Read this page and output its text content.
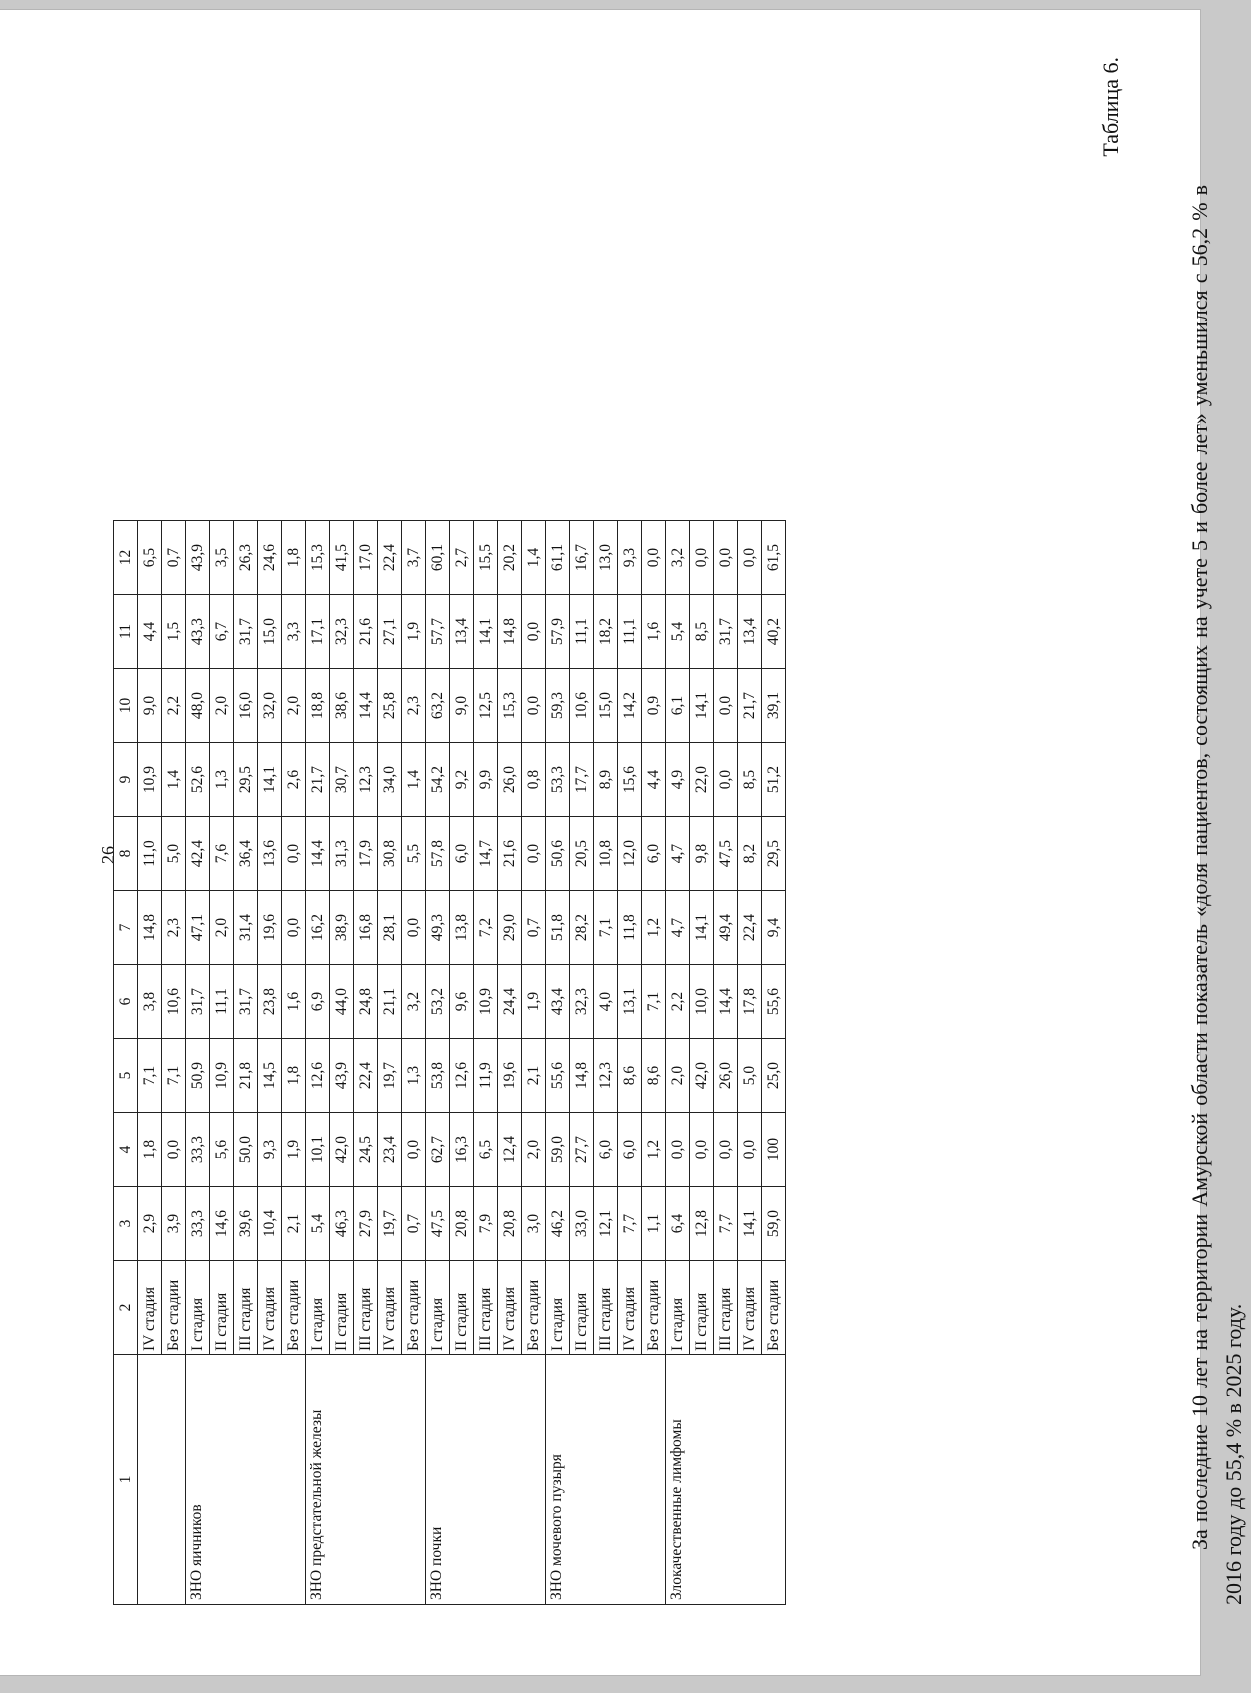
26
1	2	3	4	5	6	7	8	9	10	11	12
	IV стадия	2,9	1,8	7,1	3,8	14,8	11,0	10,9	9,0	4,4	6,5
	Без стадии	3,9	0,0	7,1	10,6	2,3	5,0	1,4	2,2	1,5	0,7
ЗНО яичников	I стадия	33,3	33,3	50,9	31,7	47,1	42,4	52,6	48,0	43,3	43,9
	II стадия	14,6	5,6	10,9	11,1	2,0	7,6	1,3	2,0	6,7	3,5
	III стадия	39,6	50,0	21,8	31,7	31,4	36,4	29,5	16,0	31,7	26,3
	IV стадия	10,4	9,3	14,5	23,8	19,6	13,6	14,1	32,0	15,0	24,6
	Без стадии	2,1	1,9	1,8	1,6	0,0	0,0	2,6	2,0	3,3	1,8
ЗНО предстательной железы	I стадия	5,4	10,1	12,6	6,9	16,2	14,4	21,7	18,8	17,1	15,3
	II стадия	46,3	42,0	43,9	44,0	38,9	31,3	30,7	38,6	32,3	41,5
	III стадия	27,9	24,5	22,4	24,8	16,8	17,9	12,3	14,4	21,6	17,0
	IV стадия	19,7	23,4	19,7	21,1	28,1	30,8	34,0	25,8	27,1	22,4
	Без стадии	0,7	0,0	1,3	3,2	0,0	5,5	1,4	2,3	1,9	3,7
ЗНО почки	I стадия	47,5	62,7	53,8	53,2	49,3	57,8	54,2	63,2	57,7	60,1
	II стадия	20,8	16,3	12,6	9,6	13,8	6,0	9,2	9,0	13,4	2,7
	III стадия	7,9	6,5	11,9	10,9	7,2	14,7	9,9	12,5	14,1	15,5
	IV стадия	20,8	12,4	19,6	24,4	29,0	21,6	26,0	15,3	14,8	20,2
	Без стадии	3,0	2,0	2,1	1,9	0,7	0,0	0,8	0,0	0,0	1,4
ЗНО мочевого пузыря	I стадия	46,2	59,0	55,6	43,4	51,8	50,6	53,3	59,3	57,9	61,1
	II стадия	33,0	27,7	14,8	32,3	28,2	20,5	17,7	10,6	11,1	16,7
	III стадия	12,1	6,0	12,3	4,0	7,1	10,8	8,9	15,0	18,2	13,0
	IV стадия	7,7	6,0	8,6	13,1	11,8	12,0	15,6	14,2	11,1	9,3
	Без стадии	1,1	1,2	8,6	7,1	1,2	6,0	4,4	0,9	1,6	0,0
Злокачественные лимфомы	I стадия	6,4	0,0	2,0	2,2	4,7	4,7	4,9	6,1	5,4	3,2
	II стадия	12,8	0,0	42,0	10,0	14,1	9,8	22,0	14,1	8,5	0,0
	III стадия	7,7	0,0	26,0	14,4	49,4	47,5	0,0	0,0	31,7	0,0
	IV стадия	14,1	0,0	5,0	17,8	22,4	8,2	8,5	21,7	13,4	0,0
	Без стадии	59,0	100	25,0	55,6	9,4	29,5	51,2	39,1	40,2	61,5
Таблица 6.

За последние 10 лет на территории Амурской области показатель «доля пациентов, состоящих на учете 5 и более лет» уменьшился с 56,2 % в 2016 году до 55,4 % в 2025 году.
